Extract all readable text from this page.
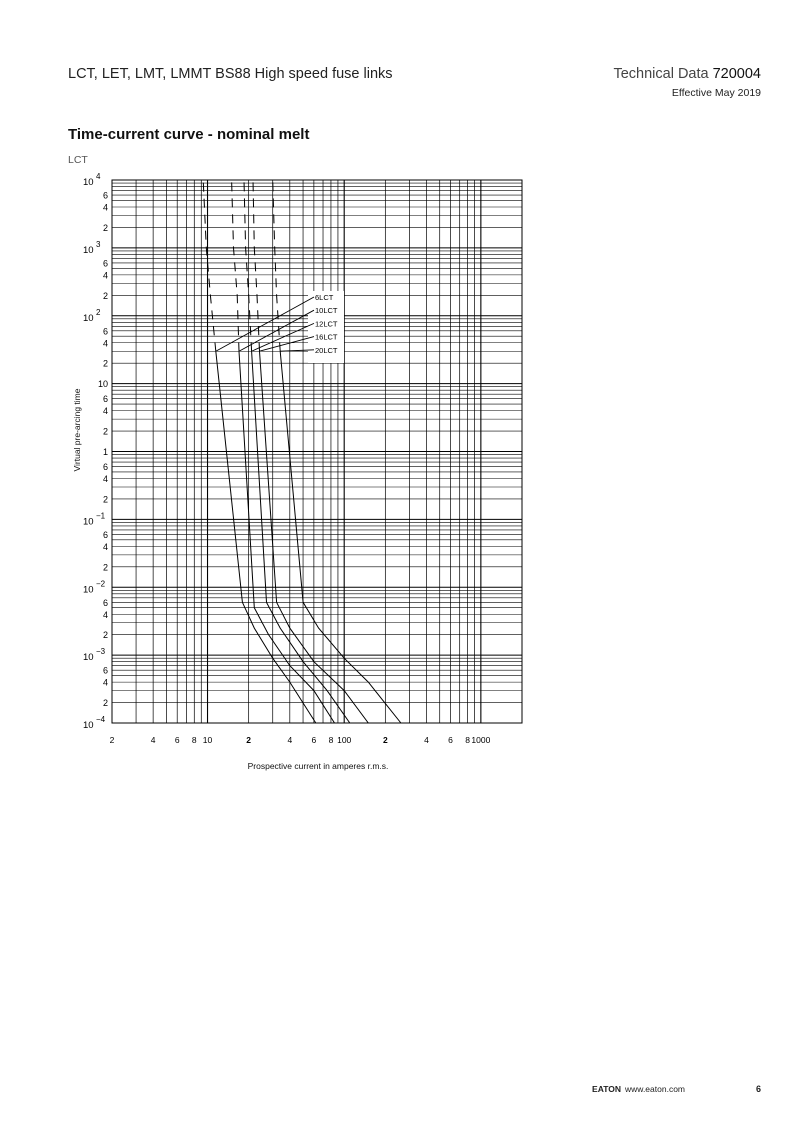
LCT, LET, LMT, LMMT BS88 High speed fuse links	Technical Data 720004
Effective May 2019
Time-current curve - nominal melt
LCT
6LCT
10LCT
12LCT
16LCT
20LCT
2	4 6 8 10	2	4 6 8 100	2	4 6 8 1000
10
4
6
4
2
10
3
6
4
2
10
2
6
4
2
10
6
4
2
1
6
4
2
10
−1
6
4
2
10
−2
6
4
2
10
−3
6
4
2
10
−4
Prospective current in amperes r.m.s.
Virtual pre-arcing time
EATON www.eaton.com	6
